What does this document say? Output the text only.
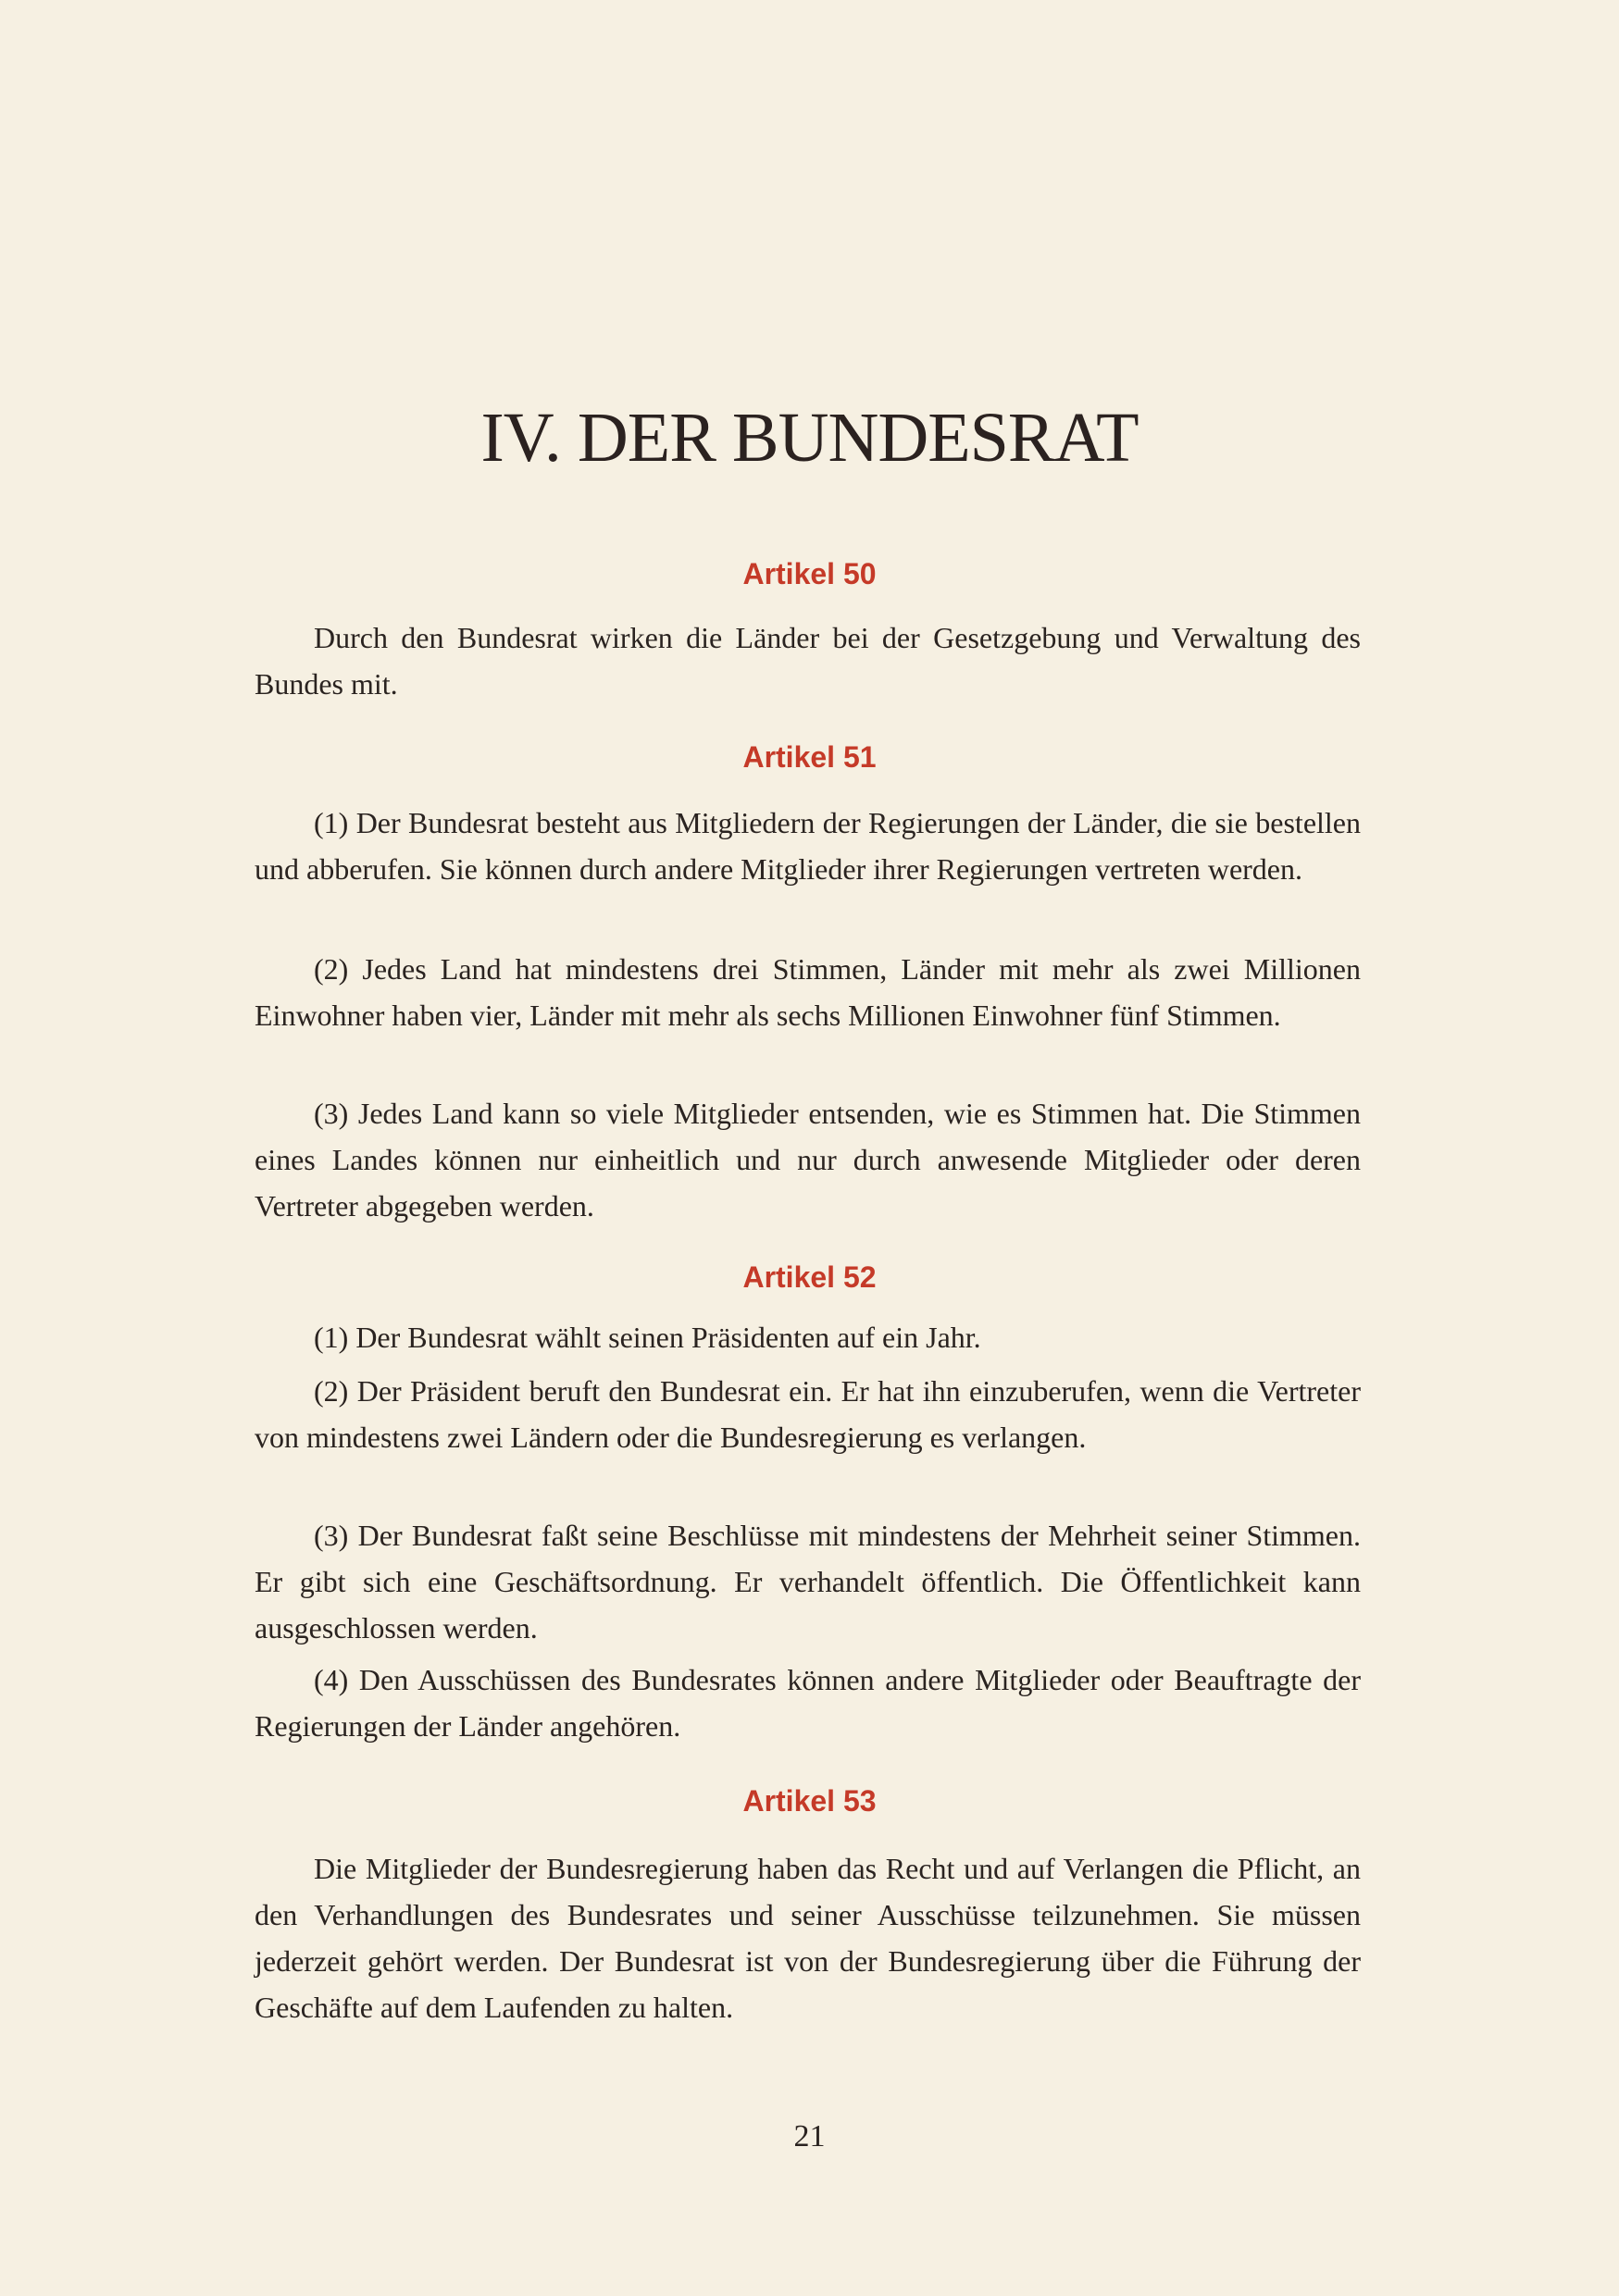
IV. DER BUNDESRAT
Artikel 50

Durch den Bundesrat wirken die Länder bei der Gesetzgebung und Verwaltung des Bundes mit.

Artikel 51

(1) Der Bundesrat besteht aus Mitgliedern der Regierungen der Länder, die sie bestellen und abberufen. Sie können durch andere Mitglieder ihrer Regierungen vertreten werden.

(2) Jedes Land hat mindestens drei Stimmen, Länder mit mehr als zwei Millionen Einwohner haben vier, Länder mit mehr als sechs Millionen Einwohner fünf Stimmen.

(3) Jedes Land kann so viele Mitglieder entsenden, wie es Stimmen hat. Die Stimmen eines Landes können nur einheitlich und nur durch anwesende Mitglieder oder deren Vertreter abgegeben werden.

Artikel 52

(1) Der Bundesrat wählt seinen Präsidenten auf ein Jahr.

(2) Der Präsident beruft den Bundesrat ein. Er hat ihn einzuberufen, wenn die Vertreter von mindestens zwei Ländern oder die Bundesregierung es verlangen.

(3) Der Bundesrat faßt seine Beschlüsse mit mindestens der Mehrheit seiner Stimmen. Er gibt sich eine Geschäftsordnung. Er verhandelt öffentlich. Die Öffentlichkeit kann ausgeschlossen werden.

(4) Den Ausschüssen des Bundesrates können andere Mitglieder oder Beauftragte der Regierungen der Länder angehören.

Artikel 53

Die Mitglieder der Bundesregierung haben das Recht und auf Verlangen die Pflicht, an den Verhandlungen des Bundesrates und seiner Ausschüsse teilzunehmen. Sie müssen jederzeit gehört werden. Der Bundesrat ist von der Bundesregierung über die Führung der Geschäfte auf dem Laufenden zu halten.

21
